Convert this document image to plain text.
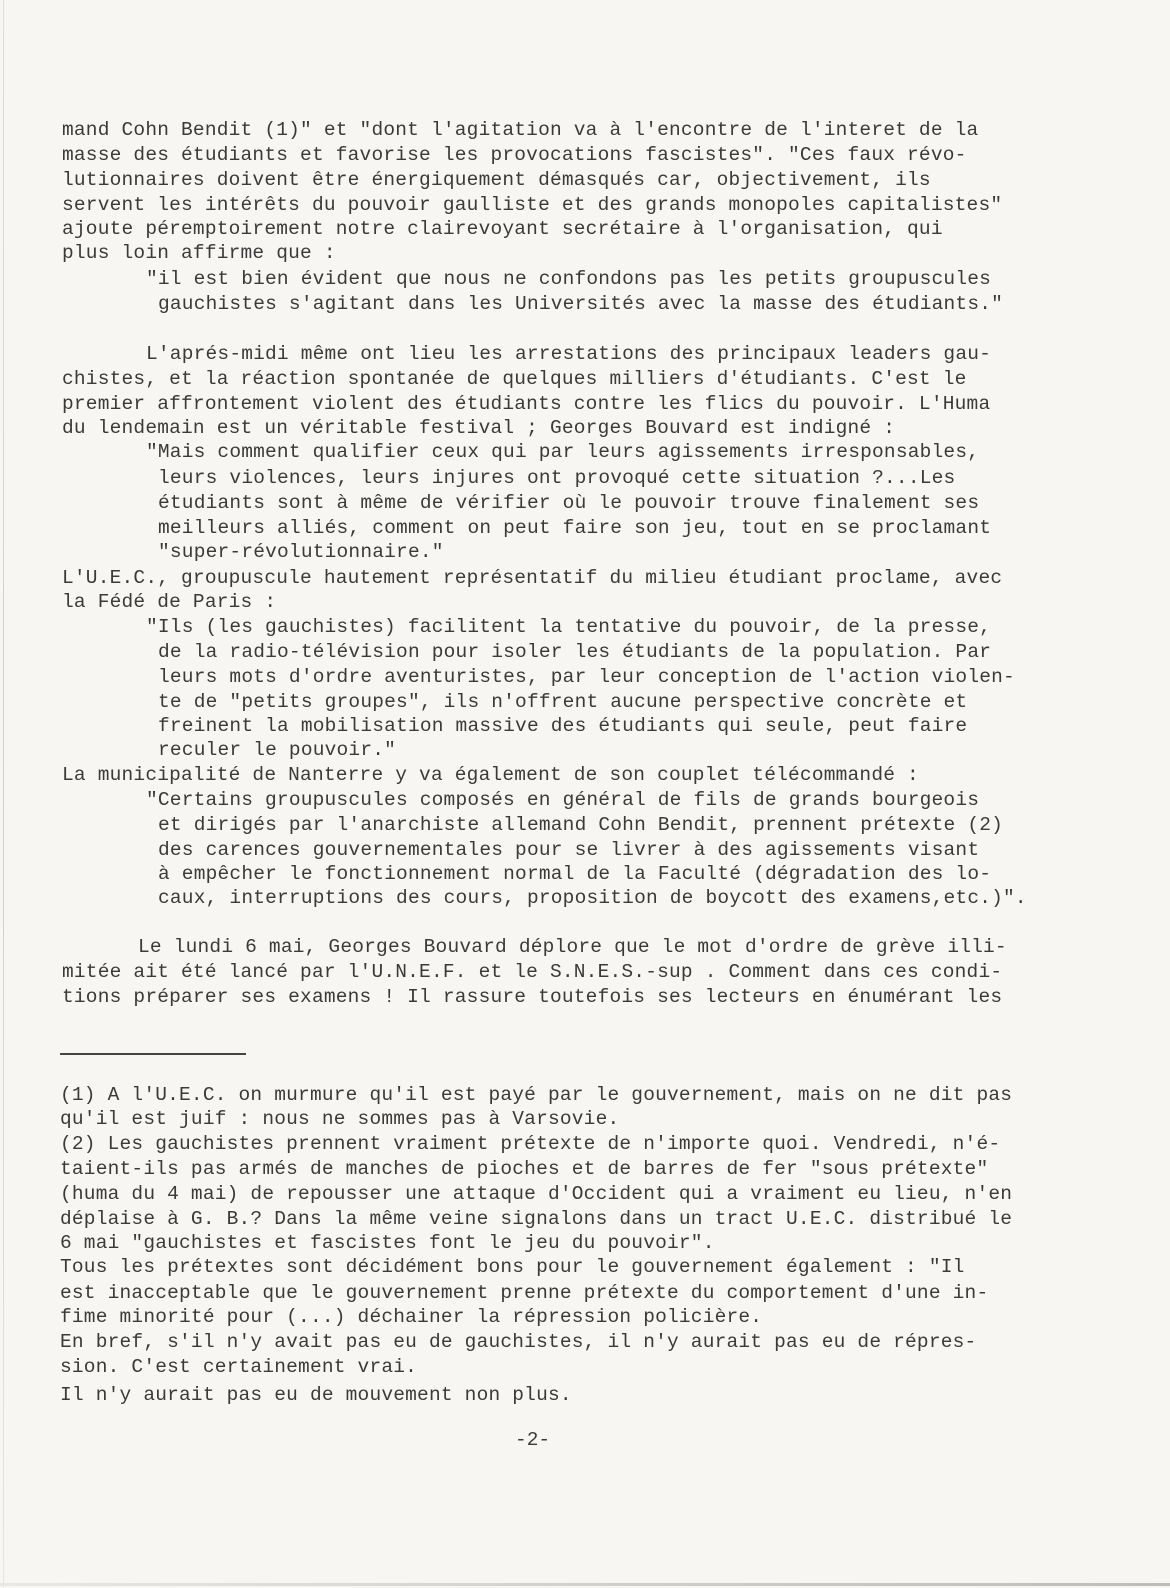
mand Cohn Bendit (1)" et "dont l'agitation va à l'encontre de l'interet de la
masse des étudiants et favorise les provocations fascistes". "Ces faux révo-
lutionnaires doivent être énergiquement démasqués car, objectivement, ils
servent les intérêts du pouvoir gaulliste et des grands monopoles capitalistes"
ajoute péremptoirement notre clairevoyant secrétaire à l'organisation, qui
plus loin affirme que :
"il est bien évident que nous ne confondons pas les petits groupuscules
gauchistes s'agitant dans les Universités avec la masse des étudiants."
L'aprés-midi même ont lieu les arrestations des principaux leaders gau-
chistes, et la réaction spontanée de quelques milliers d'étudiants. C'est le
premier affrontement violent des étudiants contre les flics du pouvoir. L'Huma
du lendemain est un véritable festival ; Georges Bouvard est indigné :
"Mais comment qualifier ceux qui par leurs agissements irresponsables,
leurs violences, leurs injures ont provoqué cette situation ?...Les
étudiants sont à même de vérifier où le pouvoir trouve finalement ses
meilleurs alliés, comment on peut faire son jeu, tout en se proclamant
"super-révolutionnaire."
L'U.E.C., groupuscule hautement représentatif du milieu étudiant proclame, avec
la Fédé de Paris :
"Ils (les gauchistes) facilitent la tentative du pouvoir, de la presse,
de la radio-télévision pour isoler les étudiants de la population. Par
leurs mots d'ordre aventuristes, par leur conception de l'action violen-
te de "petits groupes", ils n'offrent aucune perspective concrète et
freinent la mobilisation massive des étudiants qui seule, peut faire
reculer le pouvoir."
La municipalité de Nanterre y va également de son couplet télécommandé :
"Certains groupuscules composés en général de fils de grands bourgeois
et dirigés par l'anarchiste allemand Cohn Bendit, prennent prétexte (2)
des carences gouvernementales pour se livrer à des agissements visant
à empêcher le fonctionnement normal de la Faculté (dégradation des lo-
caux, interruptions des cours, proposition de boycott des examens,etc.)".
Le lundi 6 mai, Georges Bouvard déplore que le mot d'ordre de grève illi-
mitée ait été lancé par l'U.N.E.F. et le S.N.E.S.-sup . Comment dans ces condi-
tions préparer ses examens ! Il rassure toutefois ses lecteurs en énumérant les
(1) A l'U.E.C. on murmure qu'il est payé par le gouvernement, mais on ne dit pas
qu'il est juif : nous ne sommes pas à Varsovie.
(2) Les gauchistes prennent vraiment prétexte de n'importe quoi. Vendredi, n'é-
taient-ils pas armés de manches de pioches et de barres de fer "sous prétexte"
(huma du 4 mai) de repousser une attaque d'Occident qui a vraiment eu lieu, n'en
déplaise à G. B.? Dans la même veine signalons dans un tract U.E.C. distribué le
6 mai "gauchistes et fascistes font le jeu du pouvoir".
Tous les prétextes sont décidément bons pour le gouvernement également : "Il
est inacceptable que le gouvernement prenne prétexte du comportement d'une in-
fime minorité pour (...) déchainer la répression policière.
En bref, s'il n'y avait pas eu de gauchistes, il n'y aurait pas eu de répres-
sion. C'est certainement vrai.
Il n'y aurait pas eu de mouvement non plus.
-2-
